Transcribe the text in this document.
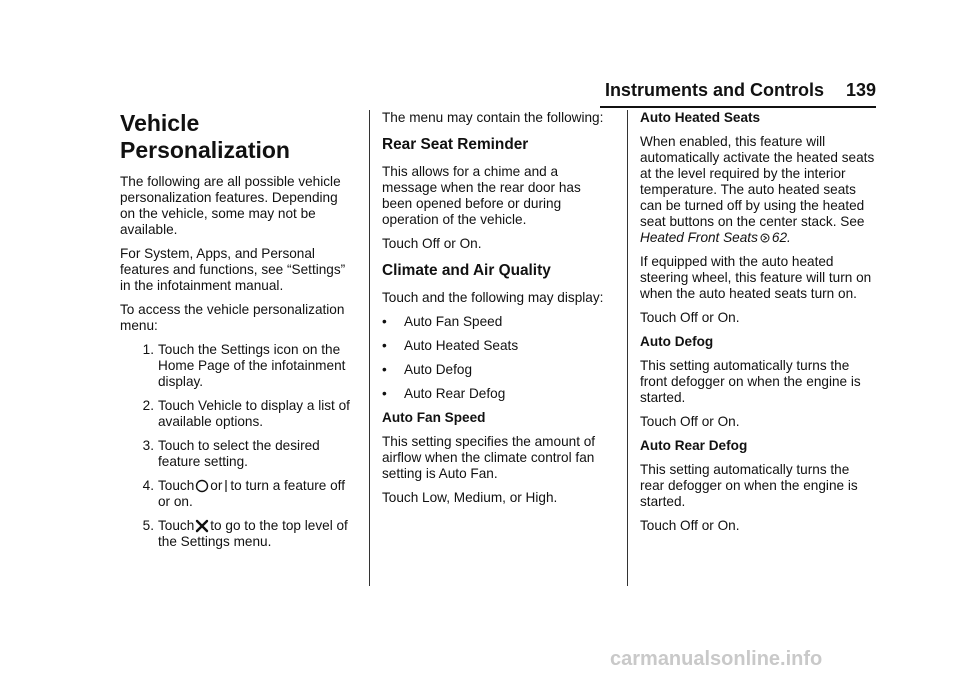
Instruments and Controls 139
Vehicle
Personalization

The following are all possible vehicle personalization features. Depending on the vehicle, some may not be available.

For System, Apps, and Personal features and functions, see “Settings” in the infotainment manual.

To access the vehicle personalization menu:

1. Touch the Settings icon on the Home Page of the infotainment display.
2. Touch Vehicle to display a list of available options.
3. Touch to select the desired feature setting.
4. Touch or to turn a feature off or on.
5. Touch to go to the top level of the Settings menu.

The menu may contain the following:

Rear Seat Reminder

This allows for a chime and a message when the rear door has been opened before or during operation of the vehicle.

Touch Off or On.

Climate and Air Quality

Touch and the following may display:

•	Auto Fan Speed
•	Auto Heated Seats
•	Auto Defog
•	Auto Rear Defog
Auto Fan Speed

This setting specifies the amount of airflow when the climate control fan setting is Auto Fan.

Touch Low, Medium, or High.

Auto Heated Seats

When enabled, this feature will automatically activate the heated seats at the level required by the interior temperature. The auto heated seats can be turned off by using the heated seat buttons on the center stack. See Heated Front Seats 62.

If equipped with the auto heated steering wheel, this feature will turn on when the auto heated seats turn on.

Touch Off or On.

Auto Defog

This setting automatically turns the front defogger on when the engine is started.

Touch Off or On.

Auto Rear Defog

This setting automatically turns the rear defogger on when the engine is started.

Touch Off or On.

carmanualsonline.info
